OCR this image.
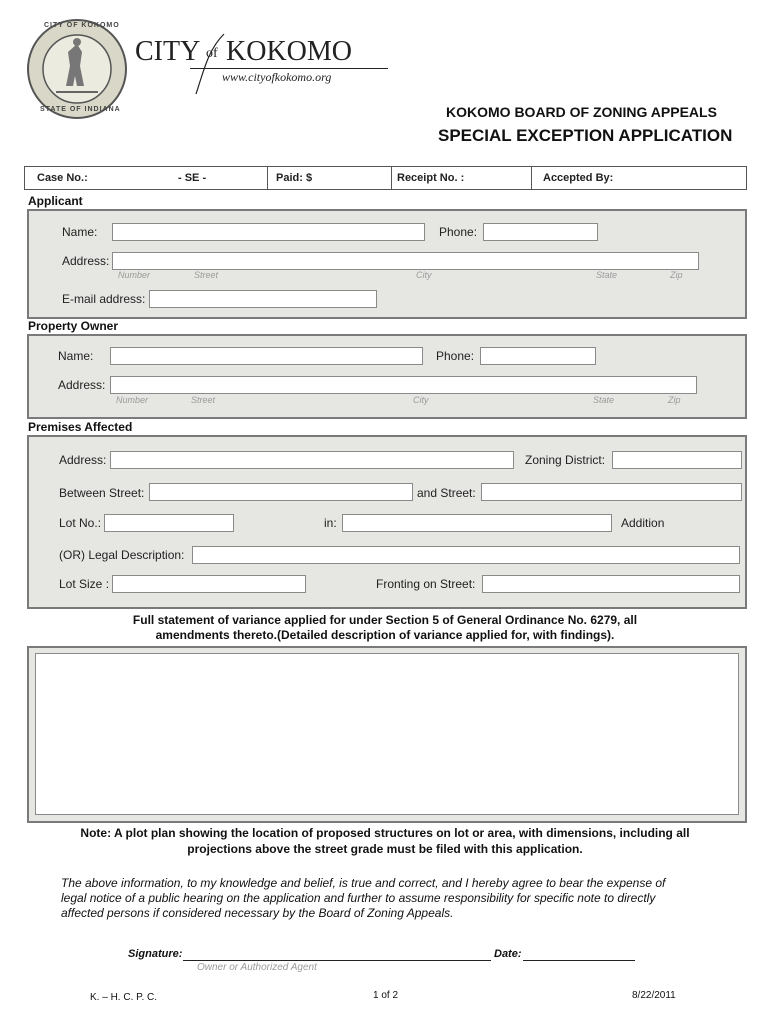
CITY OF KOKOMO
STATE OF INDIANA
CITY of KOKOMO
www.cityofkokomo.org
KOKOMO BOARD OF ZONING APPEALS
SPECIAL EXCEPTION APPLICATION
Case No.:	- SE -	Paid: $	Receipt No. :	Accepted By:
Applicant
Name:	Phone:
Address:
Number	Street	City	State	Zip
E-mail address:
Property Owner
Name:	Phone:
Address:
Number	Street	City	State	Zip
Premises Affected
Address:	Zoning District:
Between Street:	and Street:
Lot No.:	in:	Addition
(OR) Legal Description:
Lot Size :	Fronting on Street:
Full statement of variance applied for under Section 5 of General Ordinance No. 6279, all
amendments thereto.(Detailed description of variance applied for, with findings).
Note: A plot plan showing the location of proposed structures on lot or area, with dimensions, including all
projections above the street grade must be filed with this application.
The above information, to my knowledge and belief, is true and correct, and I hereby agree to bear the expense of
legal notice of a public hearing on the application and further to assume responsibility for specific note to directly
affected persons if considered necessary by the Board of Zoning Appeals.
Signature:	Date:
Owner or Authorized Agent
K. – H. C. P. C.	1 of 2	8/22/2011
